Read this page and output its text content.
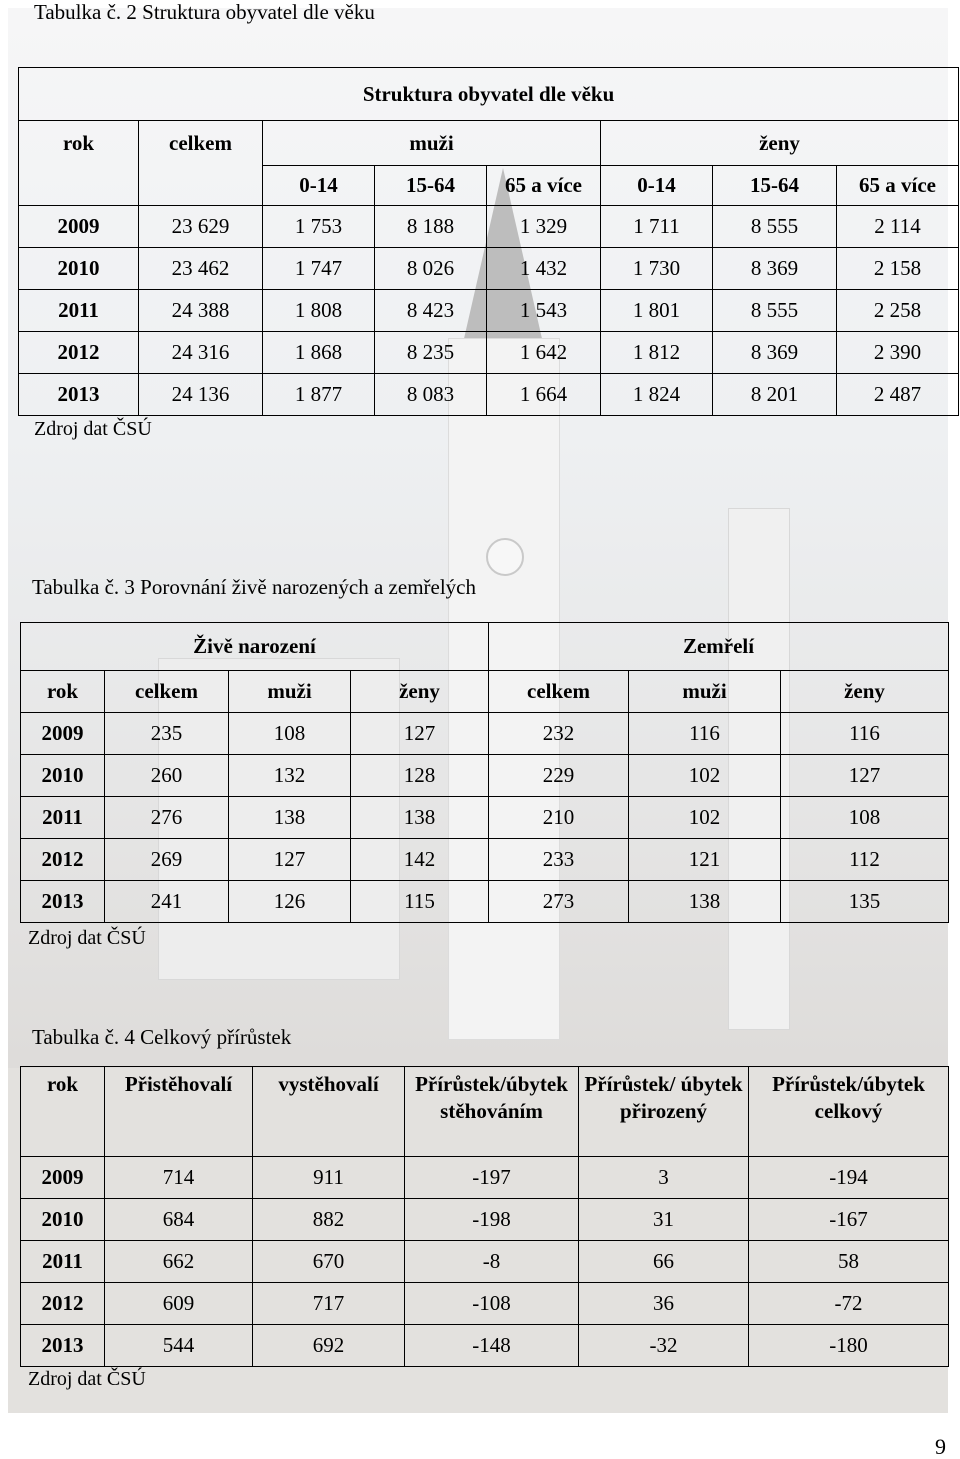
Tabulka č. 2 Struktura obyvatel dle věku
Struktura obyvatel dle věku							
rok	celkem	muži			ženy		
		0-14	15-64	65 a více	0-14	15-64	65 a více
2009	23 629	1 753	8 188	1 329	1 711	8 555	2 114
2010	23 462	1 747	8 026	1 432	1 730	8 369	2 158
2011	24 388	1 808	8 423	1 543	1 801	8 555	2 258
2012	24 316	1 868	8 235	1 642	1 812	8 369	2 390
2013	24 136	1 877	8 083	1 664	1 824	8 201	2 487
Zdroj dat ČSÚ
Tabulka č. 3 Porovnání živě narozených a zemřelých
Živě narození				Zemřelí		
rok	celkem	muži	ženy	celkem	muži	ženy
2009	235	108	127	232	116	116
2010	260	132	128	229	102	127
2011	276	138	138	210	102	108
2012	269	127	142	233	121	112
2013	241	126	115	273	138	135
Zdroj dat ČSÚ
Tabulka č. 4 Celkový přírůstek
rok	Přistěhovalí	vystěhovalí	Přírůstek/úbytek stěhováním	Přírůstek/ úbytek přirozený	Přírůstek/úbytek celkový
2009	714	911	-197	3	-194
2010	684	882	-198	31	-167
2011	662	670	-8	66	58
2012	609	717	-108	36	-72
2013	544	692	-148	-32	-180
Zdroj dat ČSÚ
9
